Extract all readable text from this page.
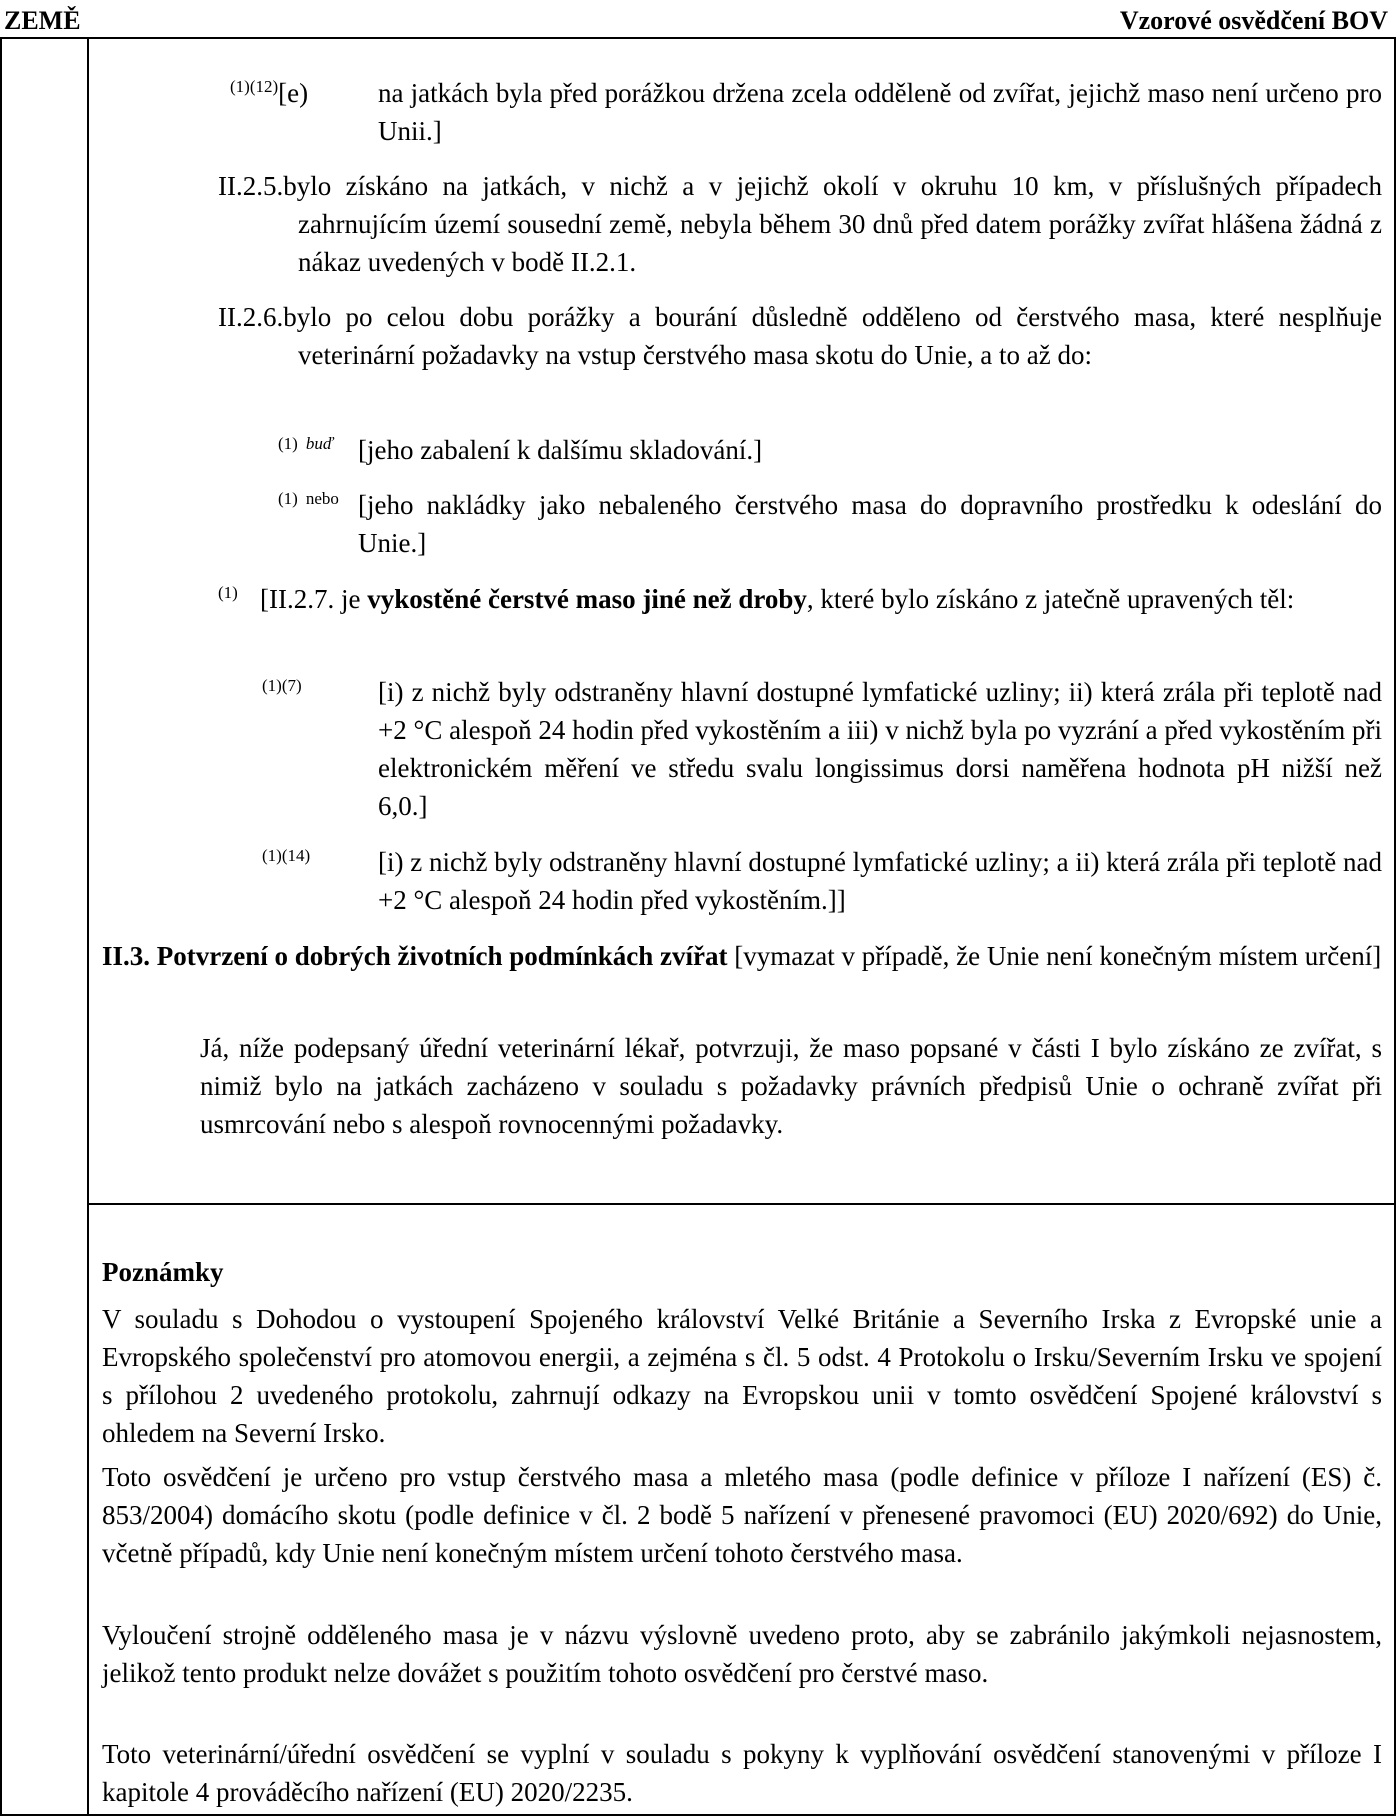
ZEMĚ	Vzorové osvědčení BOV
$^{(1)(12)}$[e)	na jatkách byla před porážkou držena zcela odděleně od zvířat, jejichž maso není určeno pro Unii.]
II.2.5.bylo získáno na jatkách, v nichž a v jejichž okolí v okruhu 10 km, v příslušných případech zahrnujícím území sousední země, nebyla během 30 dnů před datem porážky zvířat hlášena žádná z nákaz uvedených v bodě II.2.1.
II.2.6.bylo po celou dobu porážky a bourání důsledně odděleno od čerstvého masa, které nesplňuje veterinární požadavky na vstup čerstvého masa skotu do Unie, a to až do:
$^{(1)}$ $^{buď}$ [jeho zabalení k dalšímu skladování.]
$^{(1)}$ $^{nebo}$ [jeho nakládky jako nebaleného čerstvého masa do dopravního prostředku k odeslání do Unie.]
$^{(1)}$ [II.2.7. je vykostěné čerstvé maso jiné než droby, které bylo získáno z jatečně upravených těl:
$^{(1)(7)}$	[i) z nichž byly odstraněny hlavní dostupné lymfatické uzliny; ii) která zrála při teplotě nad +2 °C alespoň 24 hodin před vykostěním a iii) v nichž byla po vyzrání a před vykostěním při elektronickém měření ve středu svalu longissimus dorsi naměřena hodnota pH nižší než 6,0.]
$^{(1)(14)}$	[i) z nichž byly odstraněny hlavní dostupné lymfatické uzliny; a ii) která zrála při teplotě nad +2 °C alespoň 24 hodin před vykostěním.]]
II.3. Potvrzení o dobrých životních podmínkách zvířat [vymazat v případě, že Unie není konečným místem určení]
Já, níže podepsaný úřední veterinární lékař, potvrzuji, že maso popsané v části I bylo získáno ze zvířat, s nimiž bylo na jatkách zacházeno v souladu s požadavky právních předpisů Unie o ochraně zvířat při usmrcování nebo s alespoň rovnocennými požadavky.
Poznámky
V souladu s Dohodou o vystoupení Spojeného království Velké Británie a Severního Irska z Evropské unie a Evropského společenství pro atomovou energii, a zejména s čl. 5 odst. 4 Protokolu o Irsku/Severním Irsku ve spojení s přílohou 2 uvedeného protokolu, zahrnují odkazy na Evropskou unii v tomto osvědčení Spojené království s ohledem na Severní Irsko.
Toto osvědčení je určeno pro vstup čerstvého masa a mletého masa (podle definice v příloze I nařízení (ES) č. 853/2004) domácího skotu (podle definice v čl. 2 bodě 5 nařízení v přenesené pravomoci (EU) 2020/692) do Unie, včetně případů, kdy Unie není konečným místem určení tohoto čerstvého masa.
Vyloučení strojně odděleného masa je v názvu výslovně uvedeno proto, aby se zabránilo jakýmkoli nejasnostem, jelikož tento produkt nelze dovážet s použitím tohoto osvědčení pro čerstvé maso.
Toto veterinární/úřední osvědčení se vyplní v souladu s pokyny k vyplňování osvědčení stanovenými v příloze I kapitole 4 prováděcího nařízení (EU) 2020/2235.
